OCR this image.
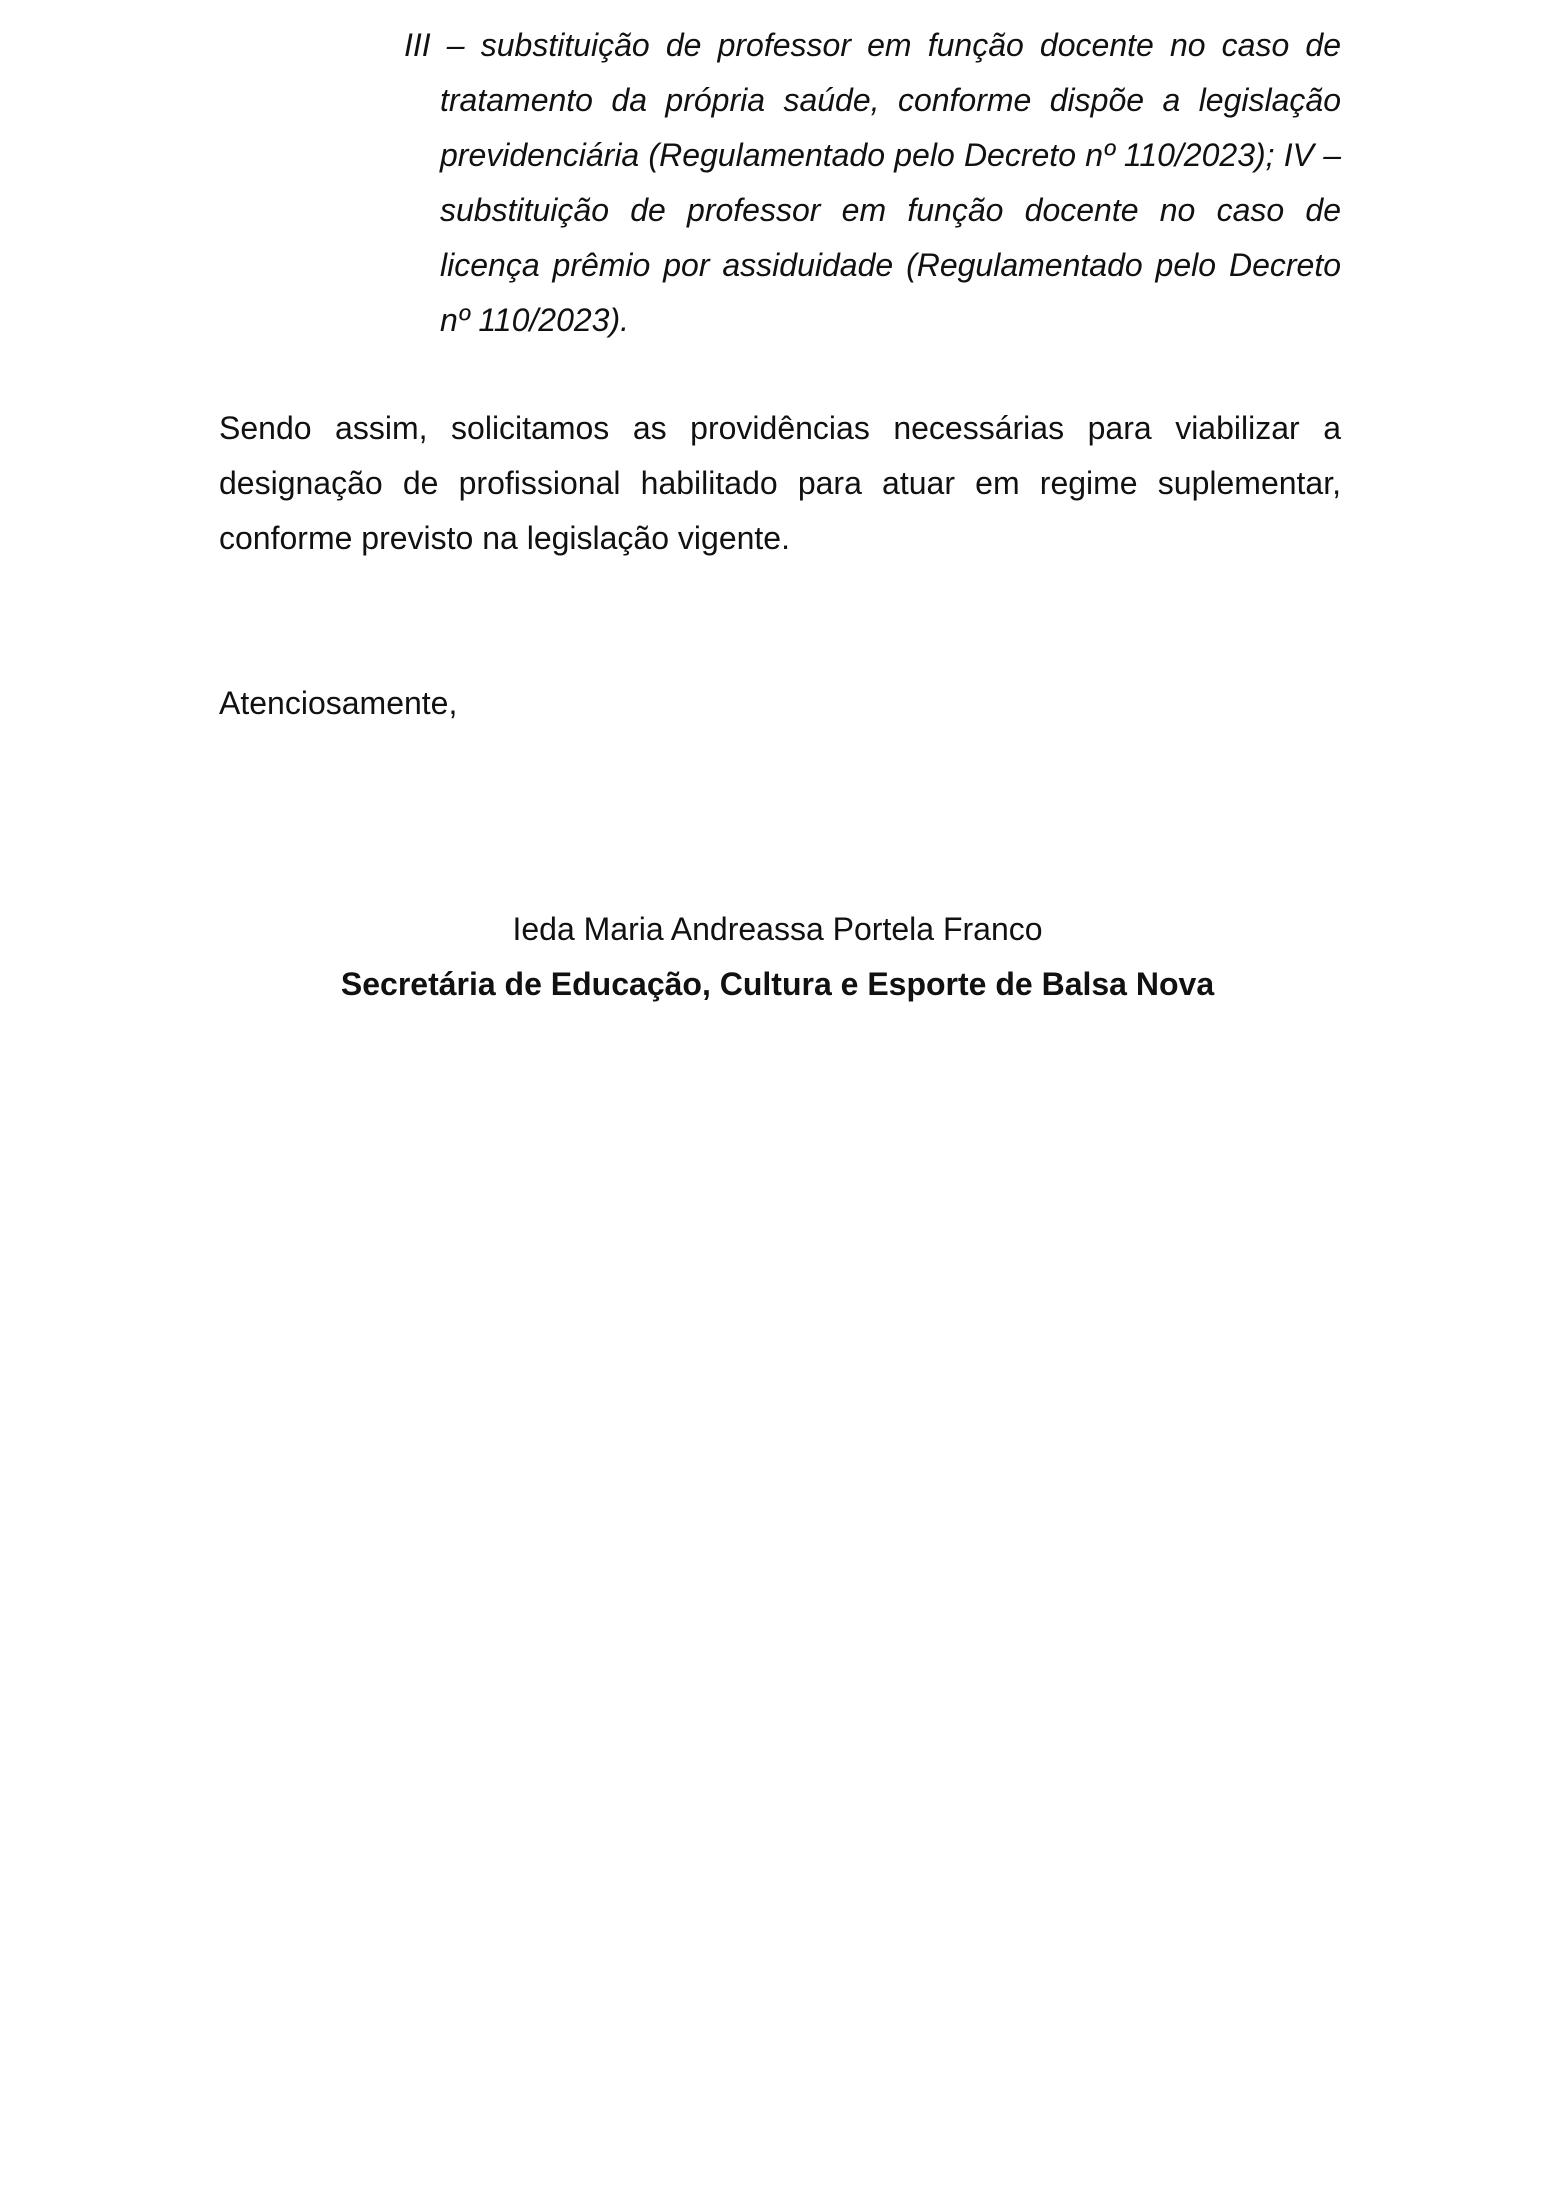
III – substituição de professor em função docente no caso de tratamento da própria saúde, conforme dispõe a legislação previdenciária (Regulamentado pelo Decreto nº 110/2023); IV – substituição de professor em função docente no caso de licença prêmio por assiduidade (Regulamentado pelo Decreto nº 110/2023).

Sendo assim, solicitamos as providências necessárias para viabilizar a designação de profissional habilitado para atuar em regime suplementar, conforme previsto na legislação vigente.

Atenciosamente,

Ieda Maria Andreassa Portela Franco

Secretária de Educação, Cultura e Esporte de Balsa Nova
